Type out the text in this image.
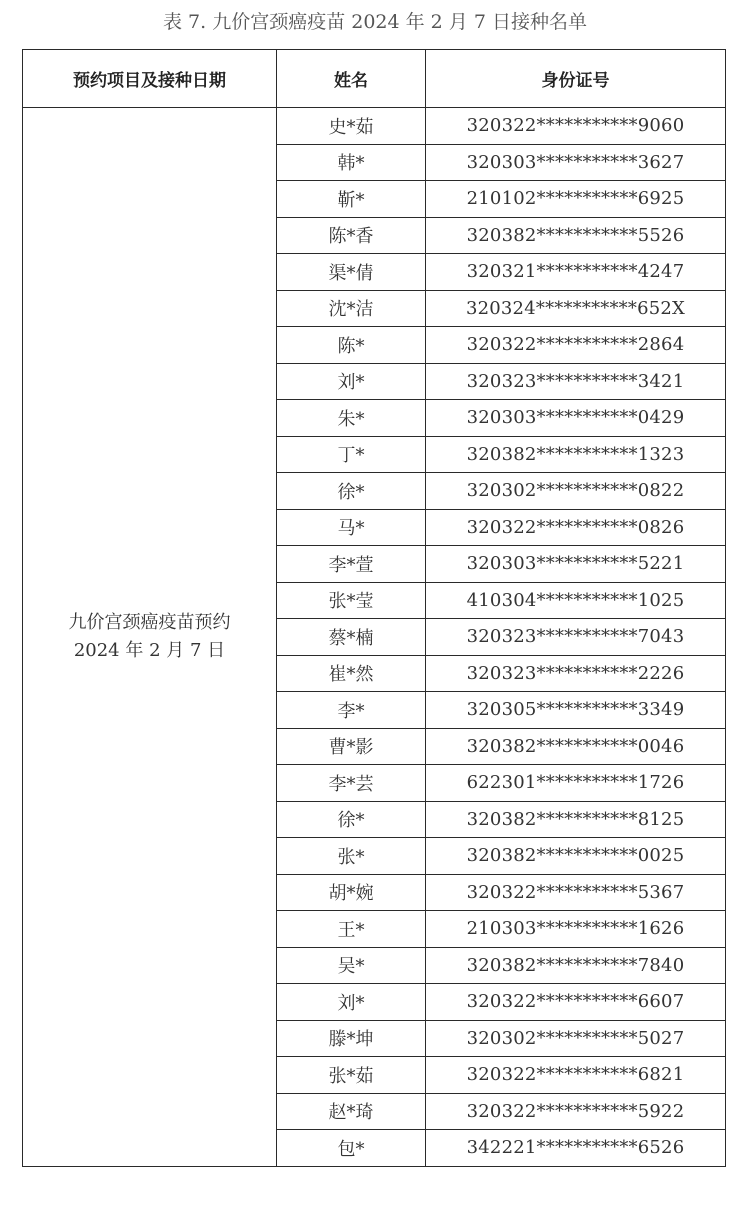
表 7. 九价宫颈癌疫苗 2024 年 2 月 7 日接种名单
预约项目及接种日期	姓名	身份证号

九价宫颈癌疫苗预约
2024 年 2 月 7 日	史*茹	320322***********9060
	韩*	320303***********3627
	靳*	210102***********6925
	陈*香	320382***********5526
	渠*倩	320321***********4247
	沈*洁	320324***********652X
	陈*	320322***********2864
	刘*	320323***********3421
	朱*	320303***********0429
	丁*	320382***********1323
	徐*	320302***********0822
	马*	320322***********0826
	李*萱	320303***********5221
	张*莹	410304***********1025
	蔡*楠	320323***********7043
	崔*然	320323***********2226
	李*	320305***********3349
	曹*影	320382***********0046
	李*芸	622301***********1726
	徐*	320382***********8125
	张*	320382***********0025
	胡*婉	320322***********5367
	王*	210303***********1626
	吴*	320382***********7840
	刘*	320322***********6607
	滕*坤	320302***********5027
	张*茹	320322***********6821
	赵*琦	320322***********5922
	包*	342221***********6526
